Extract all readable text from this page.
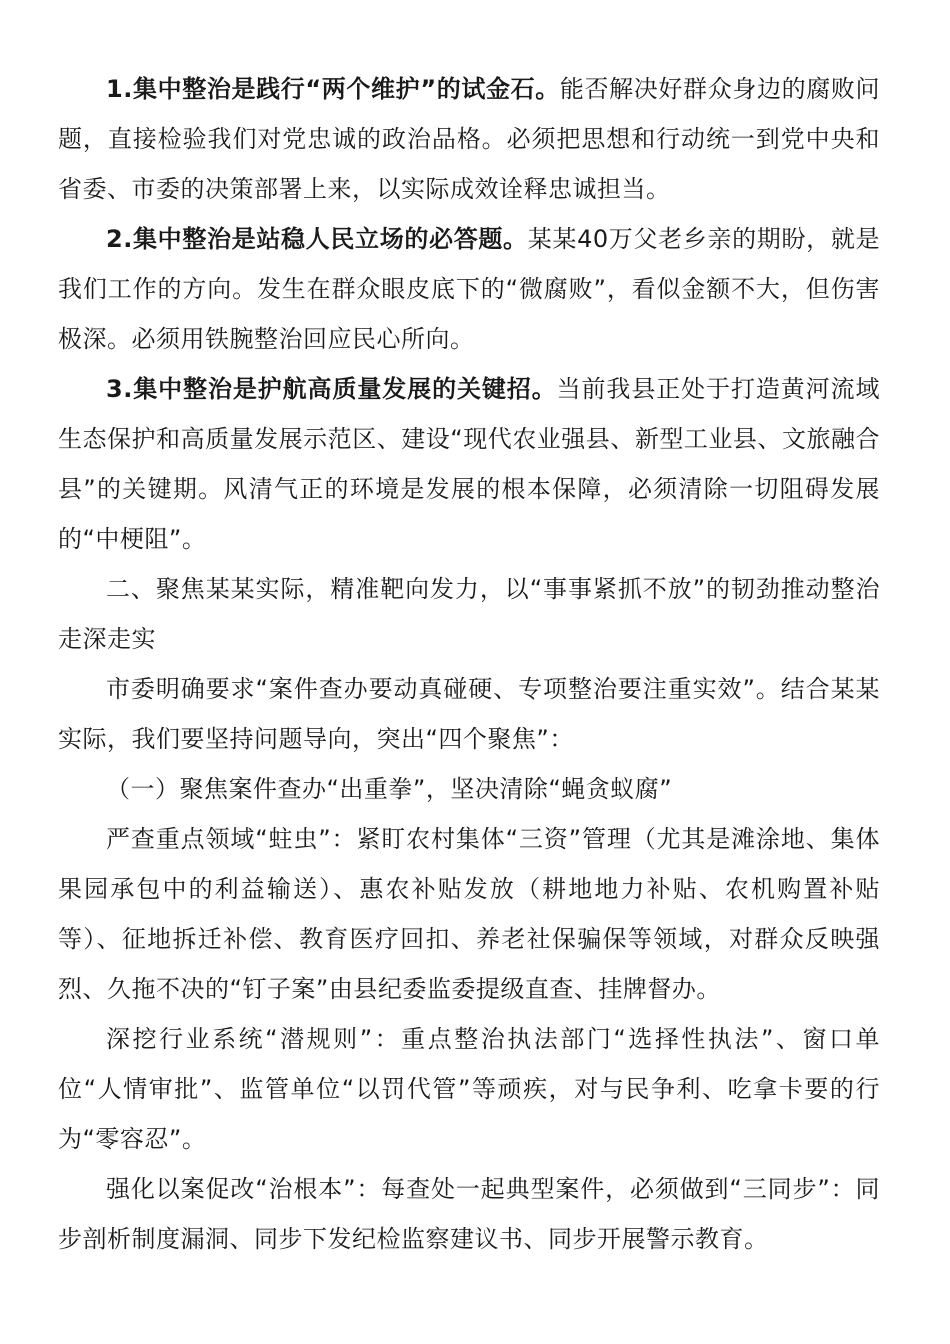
1.集中整治是践行“两个维护”的试金石。能否解决好群众身边的腐败问题，直接检验我们对党忠诚的政治品格。必须把思想和行动统一到党中央和省委、市委的决策部署上来，以实际成效诠释忠诚担当。

2.集中整治是站稳人民立场的必答题。某某40万父老乡亲的期盼，就是我们工作的方向。发生在群众眼皮底下的“微腐败”，看似金额不大，但伤害极深。必须用铁腕整治回应民心所向。

3.集中整治是护航高质量发展的关键招。当前我县正处于打造黄河流域生态保护和高质量发展示范区、建设“现代农业强县、新型工业县、文旅融合县”的关键期。风清气正的环境是发展的根本保障，必须清除一切阻碍发展的“中梗阻”。

二、聚焦某某实际，精准靶向发力，以“事事紧抓不放”的韧劲推动整治走深走实

市委明确要求“案件查办要动真碰硬、专项整治要注重实效”。结合某某实际，我们要坚持问题导向，突出“四个聚焦”：

（一）聚焦案件查办“出重拳”，坚决清除“蝇贪蚁腐”

严查重点领域“蛀虫”：紧盯农村集体“三资”管理（尤其是滩涂地、集体果园承包中的利益输送）、惠农补贴发放（耕地地力补贴、农机购置补贴等）、征地拆迁补偿、教育医疗回扣、养老社保骗保等领域，对群众反映强烈、久拖不决的“钉子案”由县纪委监委提级直查、挂牌督办。

深挖行业系统“潜规则”：重点整治执法部门“选择性执法”、窗口单位“人情审批”、监管单位“以罚代管”等顽疾，对与民争利、吃拿卡要的行为“零容忍”。

强化以案促改“治根本”：每查处一起典型案件，必须做到“三同步”：同步剖析制度漏洞、同步下发纪检监察建议书、同步开展警示教育。
